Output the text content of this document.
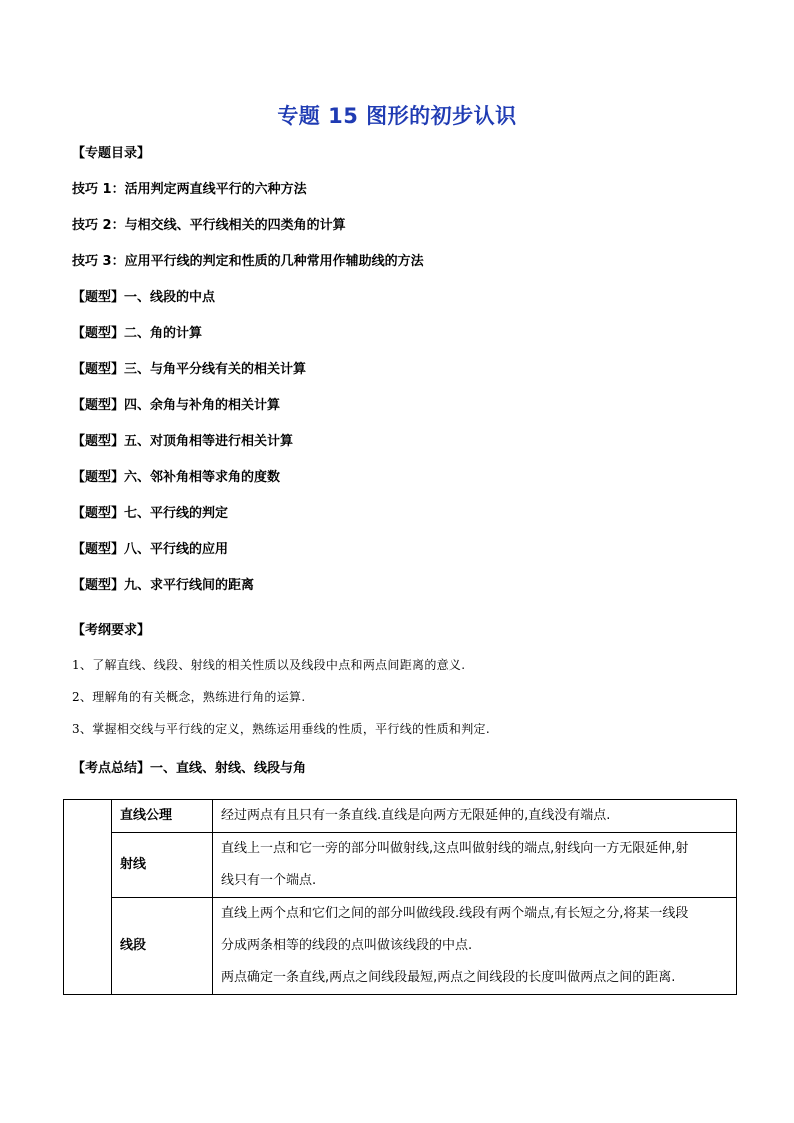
专题 15 图形的初步认识
【专题目录】
技巧 1：活用判定两直线平行的六种方法
技巧 2：与相交线、平行线相关的四类角的计算
技巧 3：应用平行线的判定和性质的几种常用作辅助线的方法
【题型】一、线段的中点
【题型】二、角的计算
【题型】三、与角平分线有关的相关计算
【题型】四、余角与补角的相关计算
【题型】五、对顶角相等进行相关计算
【题型】六、邻补角相等求角的度数
【题型】七、平行线的判定
【题型】八、平行线的应用
【题型】九、求平行线间的距离
【考纲要求】
1、了解直线、线段、射线的相关性质以及线段中点和两点间距离的意义.
2、理解角的有关概念，熟练进行角的运算.
3、掌握相交线与平行线的定义，熟练运用垂线的性质，平行线的性质和判定.
【考点总结】一、直线、射线、线段与角
	直线公理	经过两点有且只有一条直线.直线是向两方无限延伸的,直线没有端点.

	射线	直线上一点和它一旁的部分叫做射线,这点叫做射线的端点,射线向一方无限延伸,射
线只有一个端点.

	线段	直线上两个点和它们之间的部分叫做线段.线段有两个端点,有长短之分,将某一线段
分成两条相等的线段的点叫做该线段的中点.
两点确定一条直线,两点之间线段最短,两点之间线段的长度叫做两点之间的距离.
